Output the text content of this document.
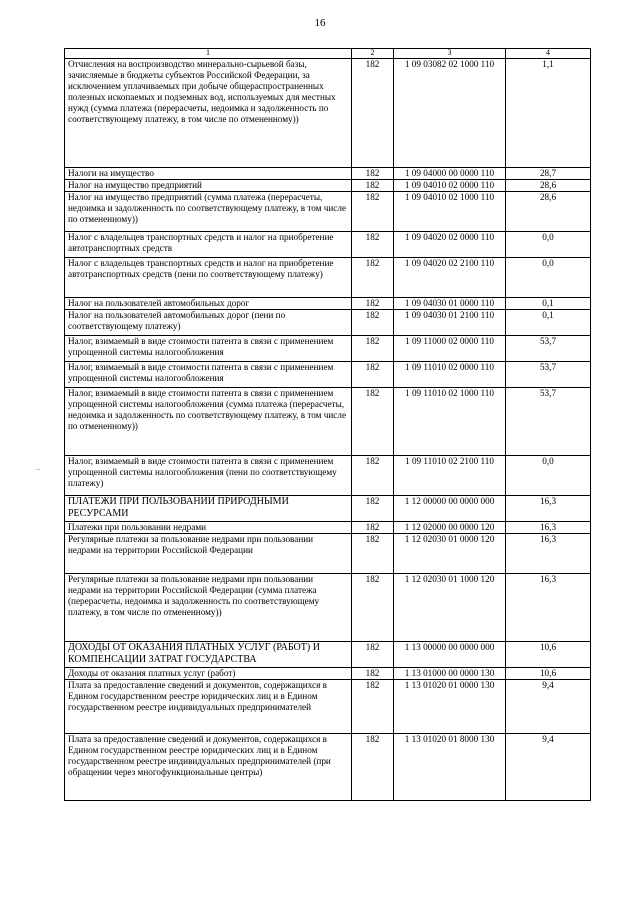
16
–
1	2	3	4
Отчисления на воспроизводство минерально-сырьевой базы, зачисляемые в бюджеты субъектов Российской Федерации, за исключением уплачиваемых при добыче общераспространенных полезных ископаемых и подземных вод, используемых для местных нужд (сумма платежа (перерасчеты, недоимка и задолженность по соответствующему платежу, в том числе по отмененному))	182	1 09 03082 02 1000 110	1,1
Налоги на имущество	182	1 09 04000 00 0000 110	28,7
Налог на имущество предприятий	182	1 09 04010 02 0000 110	28,6
Налог на имущество предприятий (сумма платежа (перерасчеты, недоимка и задолженность по соответствующему платежу, в том числе по отмененному))	182	1 09 04010 02 1000 110	28,6
Налог с владельцев транспортных средств и налог на приобретение автотранспортных средств	182	1 09 04020 02 0000 110	0,0
Налог с владельцев транспортных средств и налог на приобретение автотранспортных средств (пени по соответствующему платежу)	182	1 09 04020 02 2100 110	0,0
Налог на пользователей автомобильных дорог	182	1 09 04030 01 0000 110	0,1
Налог на пользователей автомобильных дорог (пени по соответствующему платежу)	182	1 09 04030 01 2100 110	0,1
Налог, взимаемый в виде стоимости патента в связи с применением упрощенной системы налогообложения	182	1 09 11000 02 0000 110	53,7
Налог, взимаемый в виде стоимости патента в связи с применением упрощенной системы налогообложения	182	1 09 11010 02 0000 110	53,7
Налог, взимаемый в виде стоимости патента в связи с применением упрощенной системы налогообложения (сумма платежа (перерасчеты, недоимка и задолженность по соответствующему платежу, в том числе по отмененному))	182	1 09 11010 02 1000 110	53,7
Налог, взимаемый в виде стоимости патента в связи с применением упрощенной системы налогообложения (пени по соответствующему платежу)	182	1 09 11010 02 2100 110	0,0
ПЛАТЕЖИ ПРИ ПОЛЬЗОВАНИИ ПРИРОДНЫМИ РЕСУРСАМИ	182	1 12 00000 00 0000 000	16,3
Платежи при пользовании недрами	182	1 12 02000 00 0000 120	16,3
Регулярные платежи за пользование недрами при пользовании недрами на территории Российской Федерации	182	1 12 02030 01 0000 120	16,3
Регулярные платежи за пользование недрами при пользовании недрами на территории Российской Федерации (сумма платежа (перерасчеты, недоимка и задолженность по соответствующему платежу, в том числе по отмененному))	182	1 12 02030 01 1000 120	16,3
ДОХОДЫ ОТ ОКАЗАНИЯ ПЛАТНЫХ УСЛУГ (РАБОТ) И КОМПЕНСАЦИИ ЗАТРАТ ГОСУДАРСТВА	182	1 13 00000 00 0000 000	10,6
Доходы от оказания платных услуг (работ)	182	1 13 01000 00 0000 130	10,6
Плата за предоставление сведений и документов, содержащихся в Едином государственном реестре юридических лиц и в Едином государственном реестре индивидуальных предпринимателей	182	1 13 01020 01 0000 130	9,4
Плата за предоставление сведений и документов, содержащихся в Едином государственном реестре юридических лиц и в Едином государственном реестре индивидуальных предпринимателей (при обращении через многофункциональные центры)	182	1 13 01020 01 8000 130	9,4
